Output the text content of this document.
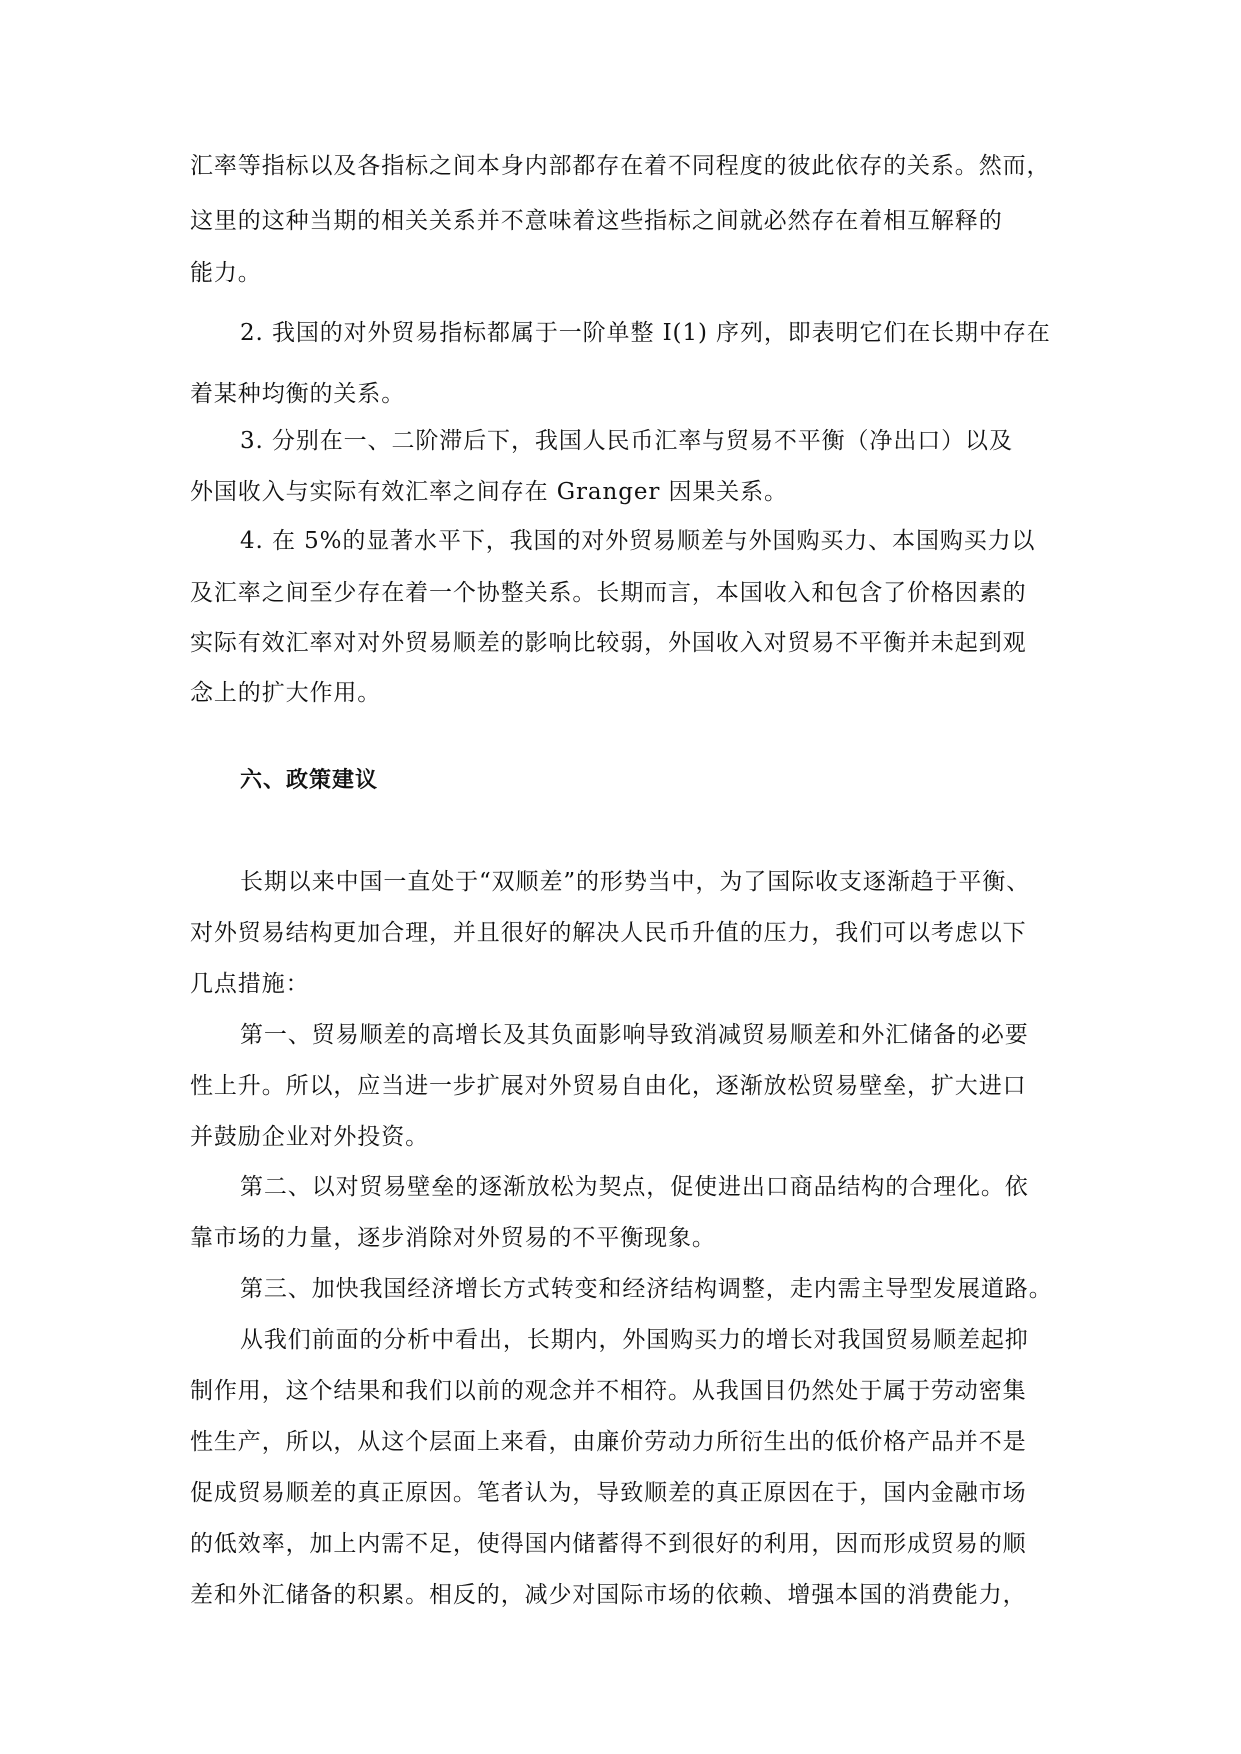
汇率等指标以及各指标之间本身内部都存在着不同程度的彼此依存的关系。然而，
这里的这种当期的相关关系并不意味着这些指标之间就必然存在着相互解释的
能力。
2. 我国的对外贸易指标都属于一阶单整 I(1) 序列，即表明它们在长期中存在
着某种均衡的关系。
3. 分别在一、二阶滞后下，我国人民币汇率与贸易不平衡（净出口）以及
外国收入与实际有效汇率之间存在 Granger 因果关系。
4. 在 5%的显著水平下，我国的对外贸易顺差与外国购买力、本国购买力以
及汇率之间至少存在着一个协整关系。长期而言，本国收入和包含了价格因素的
实际有效汇率对对外贸易顺差的影响比较弱，外国收入对贸易不平衡并未起到观
念上的扩大作用。
六、政策建议
长期以来中国一直处于“双顺差”的形势当中，为了国际收支逐渐趋于平衡、
对外贸易结构更加合理，并且很好的解决人民币升值的压力，我们可以考虑以下
几点措施：
第一、贸易顺差的高增长及其负面影响导致消减贸易顺差和外汇储备的必要
性上升。所以，应当进一步扩展对外贸易自由化，逐渐放松贸易壁垒，扩大进口
并鼓励企业对外投资。
第二、以对贸易壁垒的逐渐放松为契点，促使进出口商品结构的合理化。依
靠市场的力量，逐步消除对外贸易的不平衡现象。
第三、加快我国经济增长方式转变和经济结构调整，走内需主导型发展道路。
从我们前面的分析中看出，长期内，外国购买力的增长对我国贸易顺差起抑
制作用，这个结果和我们以前的观念并不相符。从我国目仍然处于属于劳动密集
性生产，所以，从这个层面上来看，由廉价劳动力所衍生出的低价格产品并不是
促成贸易顺差的真正原因。笔者认为，导致顺差的真正原因在于，国内金融市场
的低效率，加上内需不足，使得国内储蓄得不到很好的利用，因而形成贸易的顺
差和外汇储备的积累。相反的，减少对国际市场的依赖、增强本国的消费能力，
